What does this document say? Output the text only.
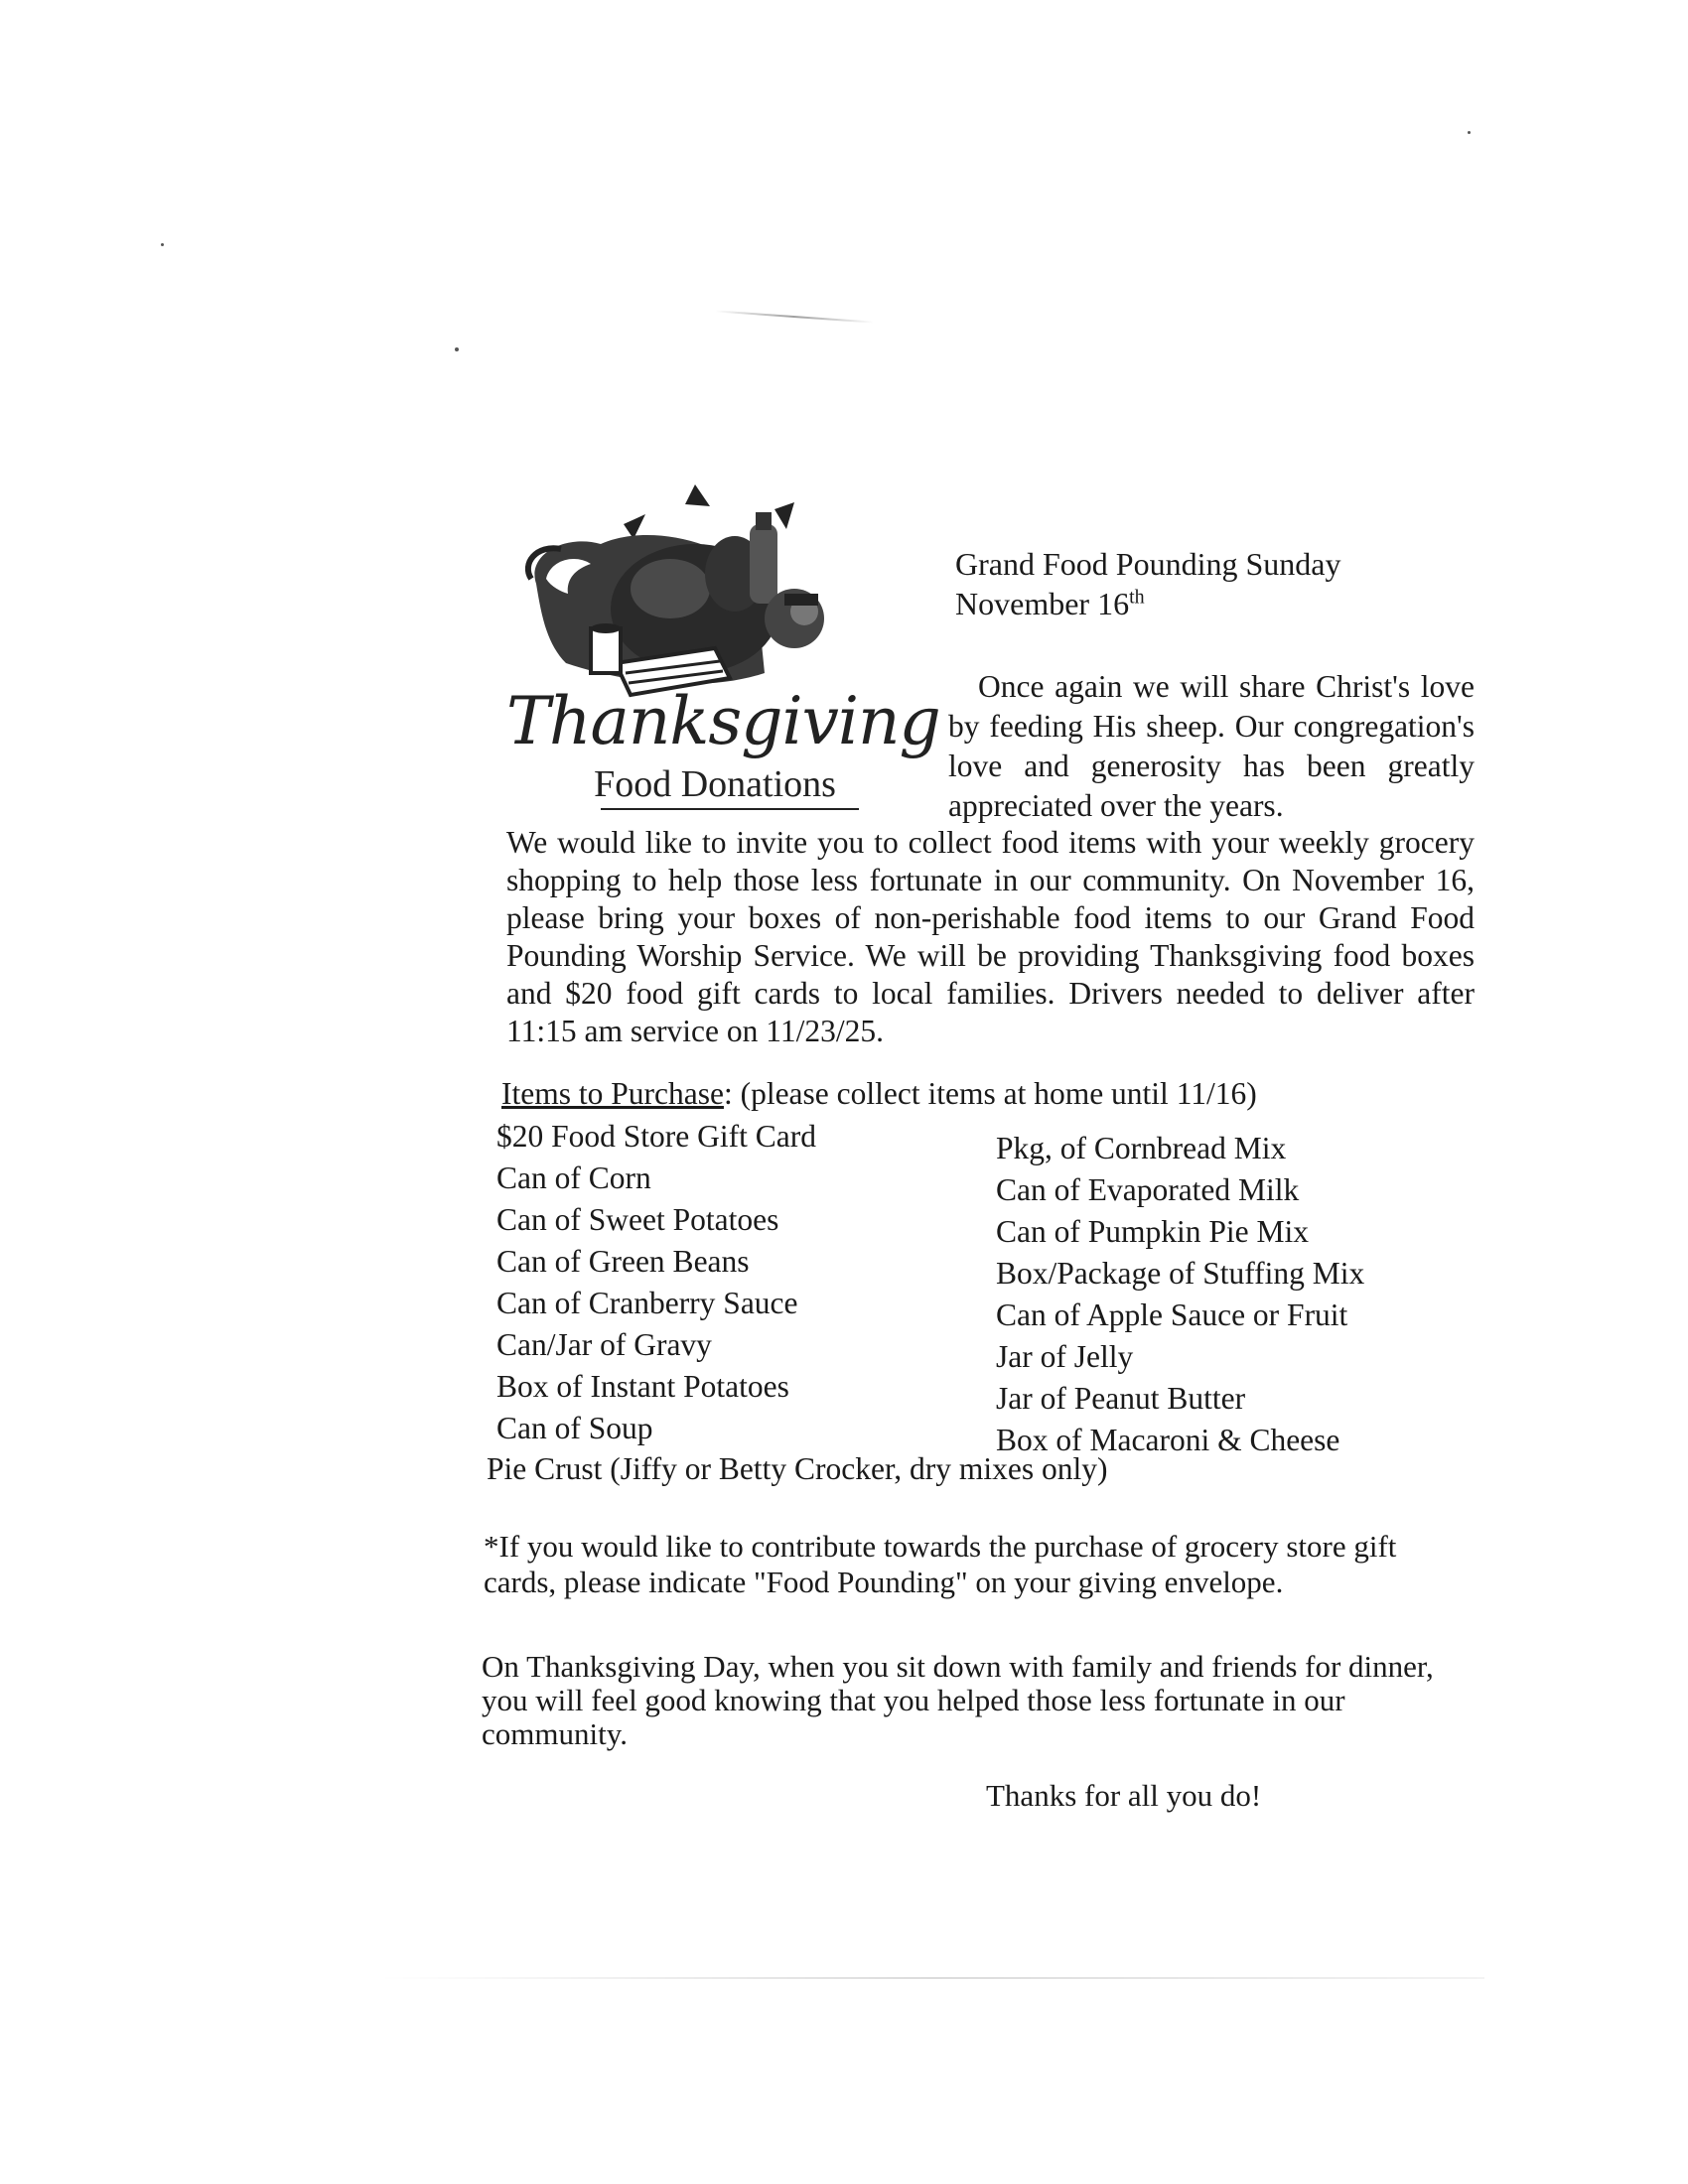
Thanksgiving
Food Donations
Grand Food Pounding Sunday
November 16th

Once again we will share Christ's love by feeding His sheep. Our congregation's love and generosity has been greatly appreciated over the years.

We would like to invite you to collect food items with your weekly grocery shopping to help those less fortunate in our community. On November 16, please bring your boxes of non-perishable food items to our Grand Food Pounding Worship Service. We will be providing Thanksgiving food boxes and $20 food gift cards to local families. Drivers needed to deliver after 11:15 am service on 11/23/25.

Items to Purchase: (please collect items at home until 11/16)
$20 Food Store Gift Card
Can of Corn
Can of Sweet Potatoes
Can of Green Beans
Can of Cranberry Sauce
Can/Jar of Gravy
Box of Instant Potatoes
Can of Soup
Pkg, of Cornbread Mix
Can of Evaporated Milk
Can of Pumpkin Pie Mix
Box/Package of Stuffing Mix
Can of Apple Sauce or Fruit
Jar of Jelly
Jar of Peanut Butter
Box of Macaroni & Cheese
Pie Crust (Jiffy or Betty Crocker, dry mixes only)

*If you would like to contribute towards the purchase of grocery store gift cards, please indicate "Food Pounding" on your giving envelope.

On Thanksgiving Day, when you sit down with family and friends for dinner, you will feel good knowing that you helped those less fortunate in our community.

Thanks for all you do!
